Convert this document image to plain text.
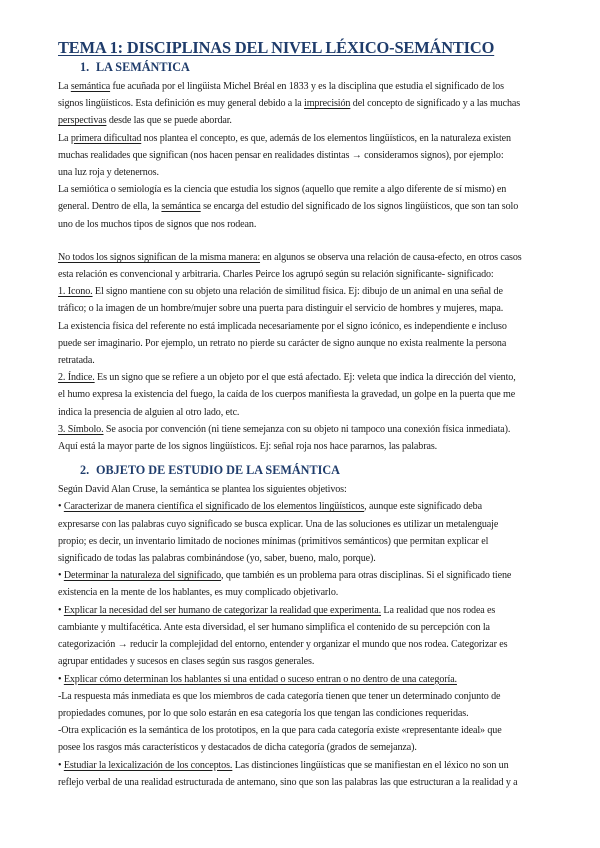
TEMA 1: DISCIPLINAS DEL NIVEL LÉXICO-SEMÁNTICO
1. LA SEMÁNTICA

La semántica fue acuñada por el lingüista Michel Bréal en 1833 y es la disciplina que estudia el significado de los

signos lingüísticos. Esta definición es muy general debido a la imprecisión del concepto de significado y a las muchas

perspectivas desde las que se puede abordar.

La primera dificultad nos plantea el concepto, es que, además de los elementos lingüísticos, en la naturaleza existen

muchas realidades que significan (nos hacen pensar en realidades distintas → consideramos signos), por ejemplo:

una luz roja y detenernos.

La semiótica o semiología es la ciencia que estudia los signos (aquello que remite a algo diferente de sí mismo) en

general. Dentro de ella, la semántica se encarga del estudio del significado de los signos lingüísticos, que son tan solo

uno de los muchos tipos de signos que nos rodean.

No todos los signos significan de la misma manera: en algunos se observa una relación de causa-efecto, en otros casos

esta relación es convencional y arbitraria. Charles Peirce los agrupó según su relación significante- significado:

1. Icono. El signo mantiene con su objeto una relación de similitud física. Ej: dibujo de un animal en una señal de

tráfico; o la imagen de un hombre/mujer sobre una puerta para distinguir el servicio de hombres y mujeres, mapa.

La existencia física del referente no está implicada necesariamente por el signo icónico, es independiente e incluso

puede ser imaginario. Por ejemplo, un retrato no pierde su carácter de signo aunque no exista realmente la persona

retratada.

2. Índice. Es un signo que se refiere a un objeto por el que está afectado. Ej: veleta que indica la dirección del viento,

el humo expresa la existencia del fuego, la caída de los cuerpos manifiesta la gravedad, un golpe en la puerta que me

indica la presencia de alguien al otro lado, etc.

3. Símbolo. Se asocia por convención (ni tiene semejanza con su objeto ni tampoco una conexión física inmediata).

Aquí está la mayor parte de los signos lingüísticos. Ej: señal roja nos hace pararnos, las palabras.

2. OBJETO DE ESTUDIO DE LA SEMÁNTICA

Según David Alan Cruse, la semántica se plantea los siguientes objetivos:

• Caracterizar de manera científica el significado de los elementos lingüísticos, aunque este significado deba

expresarse con las palabras cuyo significado se busca explicar. Una de las soluciones es utilizar un metalenguaje

propio; es decir, un inventario limitado de nociones mínimas (primitivos semánticos) que permitan explicar el

significado de todas las palabras combinándose (yo, saber, bueno, malo, porque).

• Determinar la naturaleza del significado, que también es un problema para otras disciplinas. Si el significado tiene

existencia en la mente de los hablantes, es muy complicado objetivarlo.

• Explicar la necesidad del ser humano de categorizar la realidad que experimenta. La realidad que nos rodea es

cambiante y multifacética. Ante esta diversidad, el ser humano simplifica el contenido de su percepción con la

categorización → reducir la complejidad del entorno, entender y organizar el mundo que nos rodea. Categorizar es

agrupar entidades y sucesos en clases según sus rasgos generales.

• Explicar cómo determinan los hablantes si una entidad o suceso entran o no dentro de una categoría.

-La respuesta más inmediata es que los miembros de cada categoría tienen que tener un determinado conjunto de

propiedades comunes, por lo que solo estarán en esa categoría los que tengan las condiciones requeridas.

-Otra explicación es la semántica de los prototipos, en la que para cada categoría existe «representante ideal» que

posee los rasgos más característicos y destacados de dicha categoría (grados de semejanza).

• Estudiar la lexicalización de los conceptos. Las distinciones lingüísticas que se manifiestan en el léxico no son un

reflejo verbal de una realidad estructurada de antemano, sino que son las palabras las que estructuran a la realidad y a
